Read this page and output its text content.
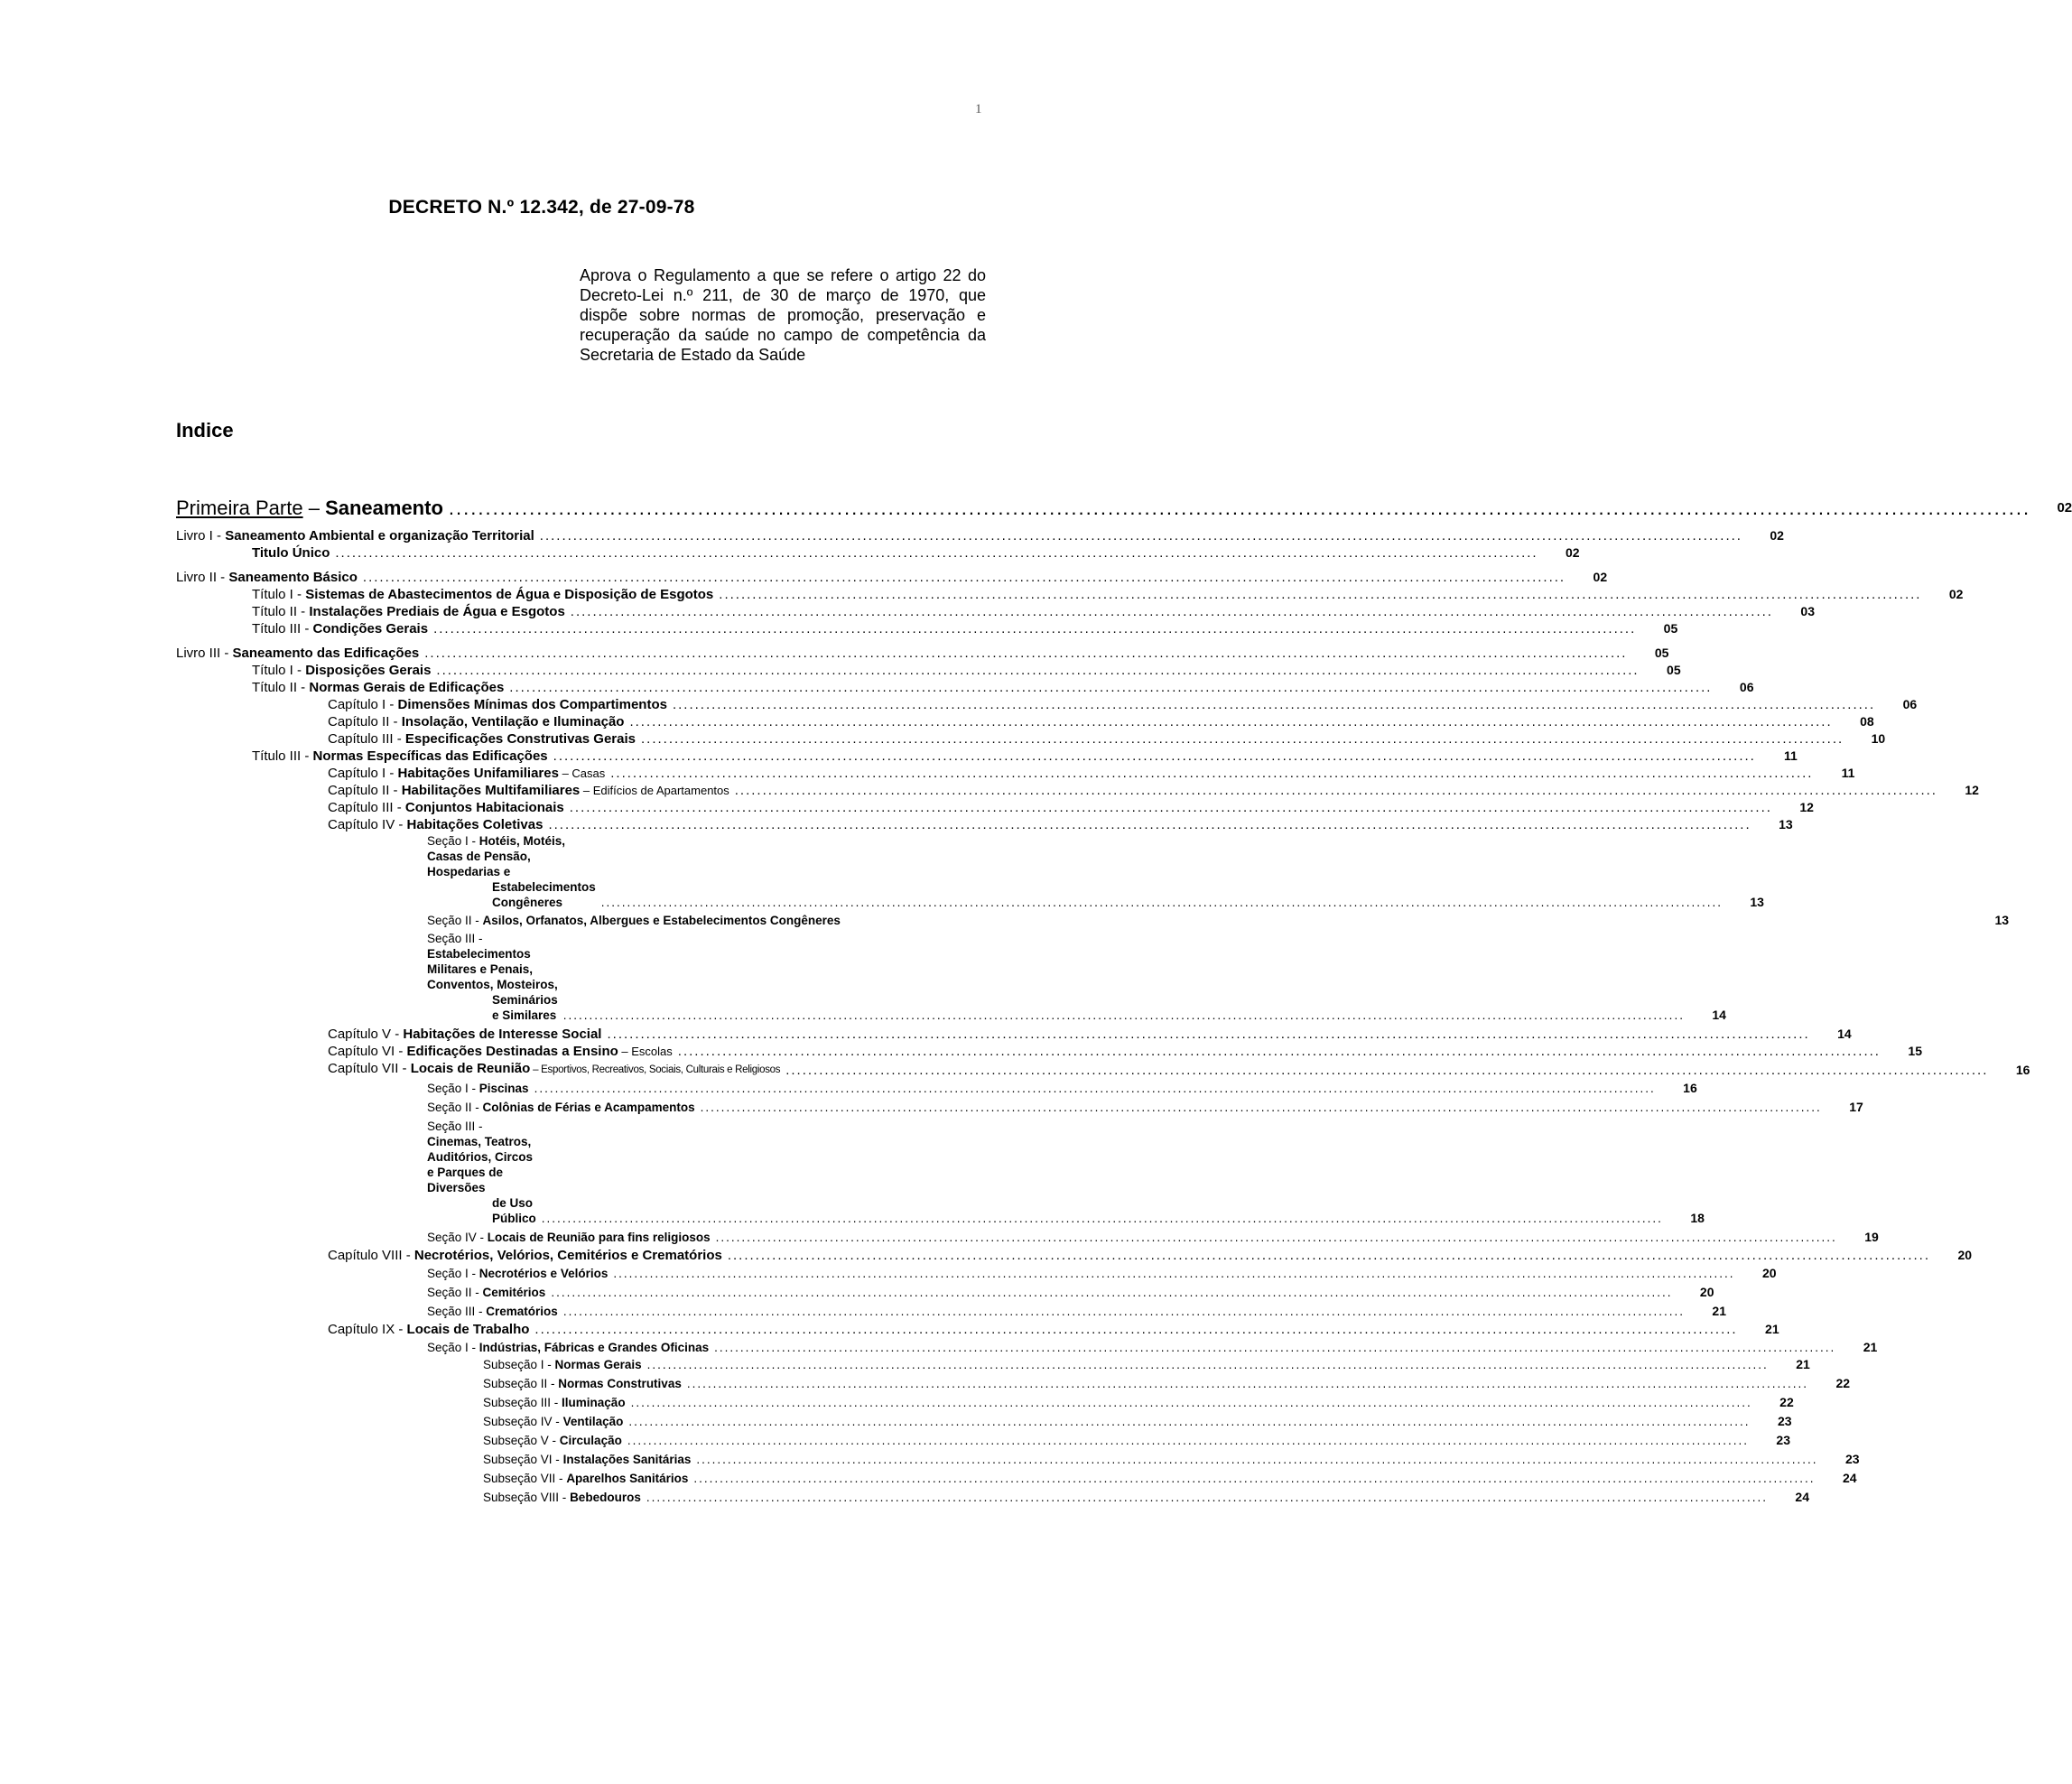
1
DECRETO N.º 12.342, de 27-09-78
Aprova o Regulamento a que se refere o artigo 22 do Decreto-Lei n.º 211, de 30 de março de 1970, que dispõe sobre normas de promoção, preservação e recuperação da saúde no campo de competência da Secretaria de Estado da Saúde
Indice
Primeira Parte – Saneamento .....	02
Livro I - Saneamento Ambiental e organização Territorial .....	02
Titulo Único .....	02
Livro II - Saneamento Básico .....	02
Título I - Sistemas de Abastecimentos de Água e Disposição de Esgotos .....	02
Título II - Instalações Prediais de Água e Esgotos .....	03
Título III - Condições Gerais .....	05
Livro III - Saneamento das Edificações .....	05
Título I - Disposições Gerais .....	05
Título II - Normas Gerais de Edificações .....	06
Capítulo I - Dimensões Mínimas dos Compartimentos .....	06
Capítulo II - Insolação, Ventilação e Iluminação .....	08
Capítulo III - Especificações Construtivas Gerais .....	10
Título III - Normas Específicas das Edificações .....	11
Capítulo I - Habitações Unifamiliares – Casas .....	11
Capítulo II - Habilitações Multifamiliares – Edifícios de Apartamentos .....	12
Capítulo III - Conjuntos Habitacionais .....	12
Capítulo IV - Habitações Coletivas .....	13
Seção I - Hotéis, Motéis, Casas de Pensão, Hospedarias e
Estabelecimentos Congêneres .....	13
Seção II - Asilos, Orfanatos, Albergues e Estabelecimentos Congêneres	13
Seção III - Estabelecimentos Militares e Penais, Conventos, Mosteiros,
Seminários e Similares .....	14
Capítulo V - Habitações de Interesse Social .....	14
Capítulo VI - Edificações Destinadas a Ensino – Escolas .....	15
Capítulo VII - Locais de Reunião – Esportivos, Recreativos, Sociais, Culturais e Religiosos .....	16
Seção I - Piscinas .....	16
Seção II - Colônias de Férias e Acampamentos .....	17
Seção III - Cinemas, Teatros, Auditórios, Circos e Parques de Diversões
de Uso Público .....	18
Seção IV - Locais de Reunião para fins religiosos .....	19
Capítulo VIII - Necrotérios, Velórios, Cemitérios e Crematórios .....	20
Seção I - Necrotérios e Velórios .....	20
Seção II - Cemitérios .....	20
Seção III - Crematórios .....	21
Capítulo IX - Locais de Trabalho .....	21
Seção I - Indústrias, Fábricas e Grandes Oficinas .....	21
Subseção I - Normas Gerais .....	21
Subseção II - Normas Construtivas .....	22
Subseção III - Iluminação .....	22
Subseção IV - Ventilação .....	23
Subseção V - Circulação .....	23
Subseção VI - Instalações Sanitárias .....	23
Subseção VII - Aparelhos Sanitários .....	24
Subseção VIII - Bebedouros .....	24
